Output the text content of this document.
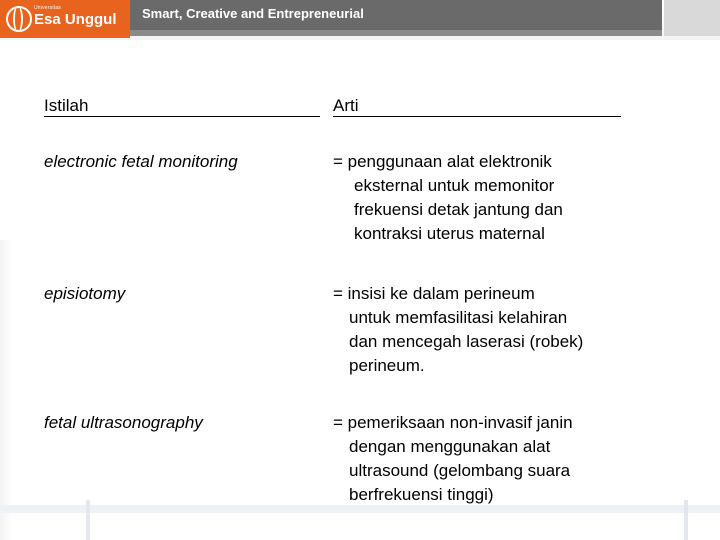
Universitas
Esa Unggul Smart, Creative and Entrepreneurial
Istilah	Arti
electronic fetal monitoring	= penggunaan alat elektronik
eksternal untuk memonitor
frekuensi detak jantung dan
kontraksi uterus maternal
episiotomy	= insisi ke dalam perineum
untuk memfasilitasi kelahiran
dan mencegah laserasi (robek)
perineum.
fetal ultrasonography	= pemeriksaan non-invasif janin
dengan menggunakan alat
ultrasound (gelombang suara
berfrekuensi tinggi)
